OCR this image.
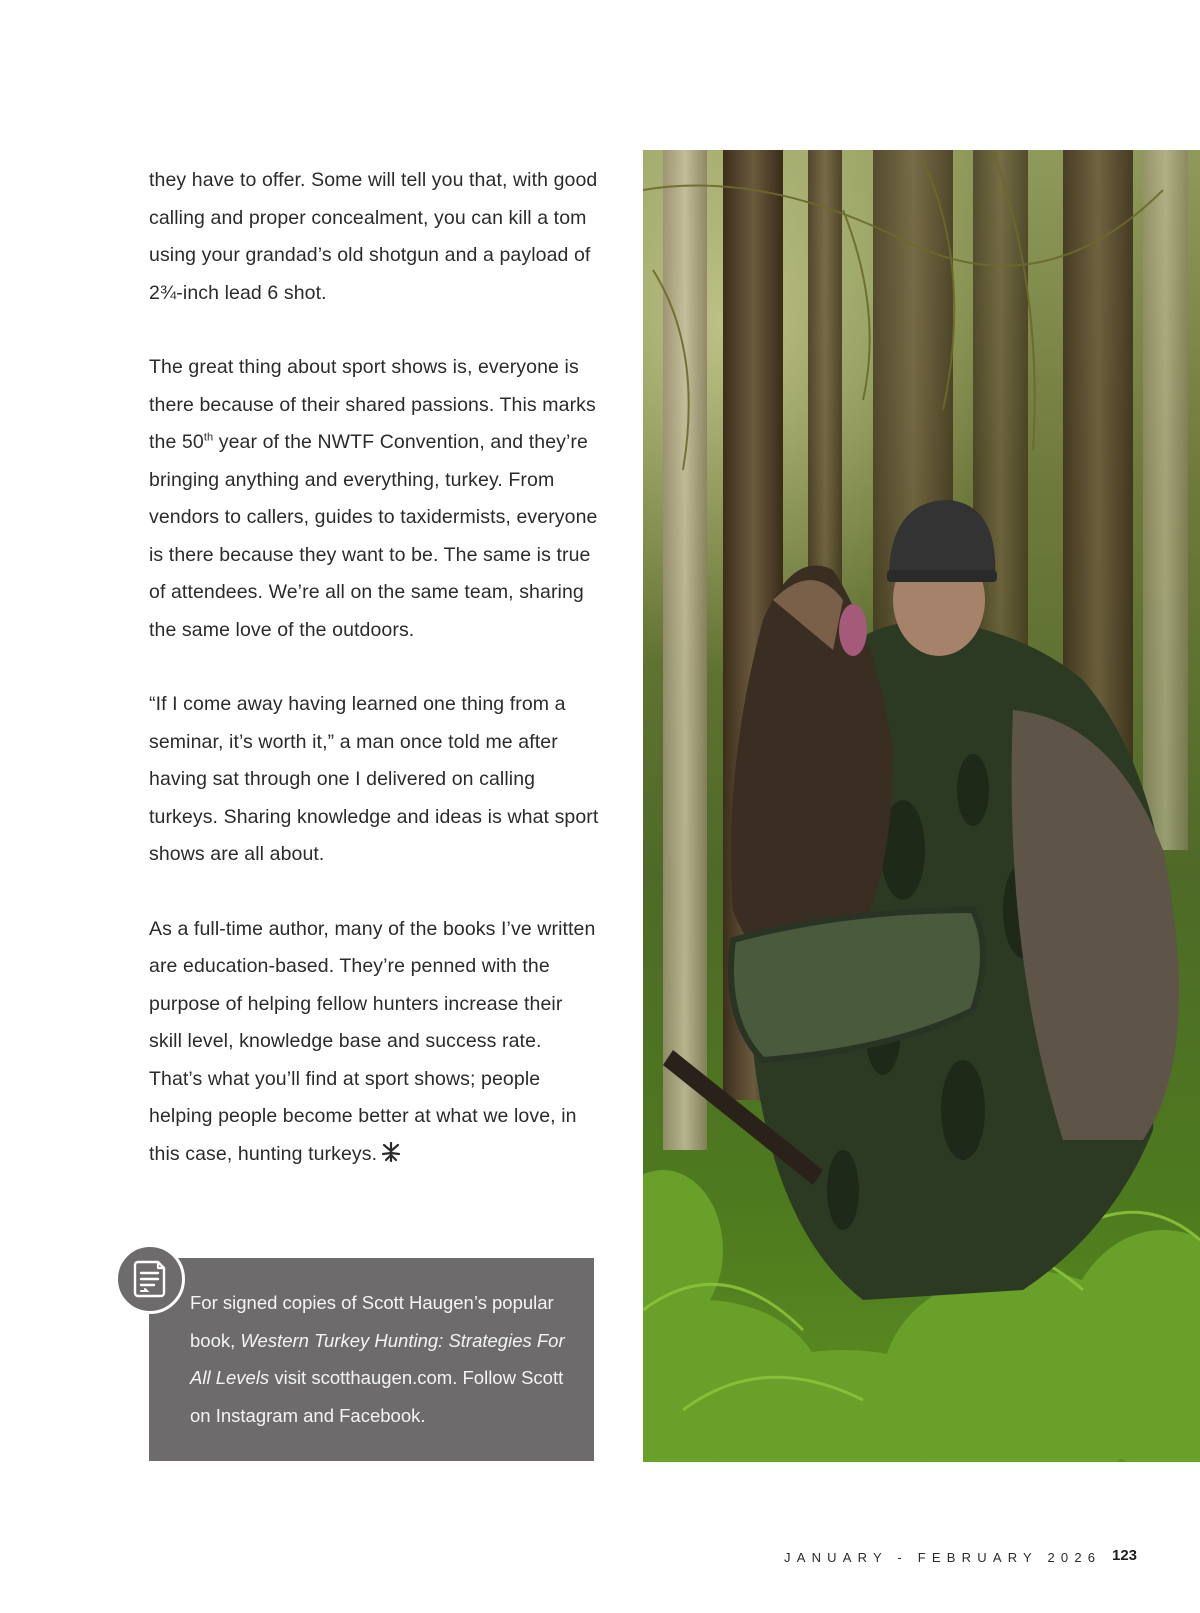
they have to offer. Some will tell you that, with good calling and proper concealment, you can kill a tom using your grandad’s old shotgun and a payload of 2¾-inch lead 6 shot.

The great thing about sport shows is, everyone is there because of their shared passions. This marks the 50th year of the NWTF Convention, and they’re bringing anything and everything, turkey. From vendors to callers, guides to taxidermists, everyone is there because they want to be. The same is true of attendees. We’re all on the same team, sharing the same love of the outdoors.

“If I come away having learned one thing from a seminar, it’s worth it,” a man once told me after having sat through one I delivered on calling turkeys. Sharing knowledge and ideas is what sport shows are all about.

As a full-time author, many of the books I’ve written are education-based. They’re penned with the purpose of helping fellow hunters increase their skill level, knowledge base and success rate. That’s what you’ll find at sport shows; people helping people become better at what we love, in this case, hunting turkeys.

For signed copies of Scott Haugen’s popular book, Western Turkey Hunting: Strategies For All Levels visit scotthaugen.com. Follow Scott on Instagram and Facebook.

JANUARY - FEBRUARY 2026 123
